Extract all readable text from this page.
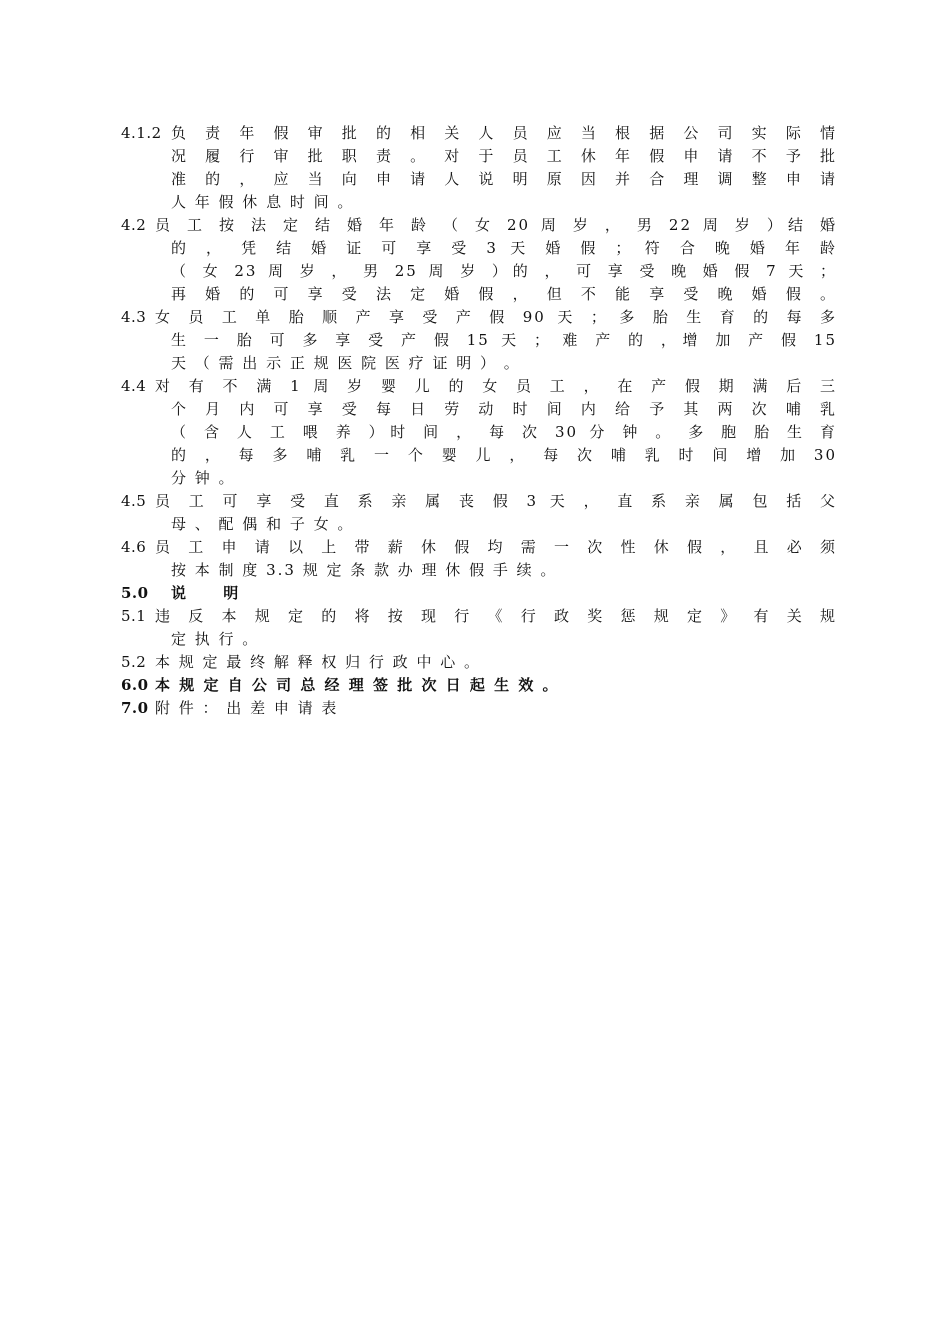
4.1.2 负 责 年 假 审 批 的 相 关 人 员 应 当 根 据 公 司 实 际 情
况 履 行 审 批 职 责 。 对 于 员 工 休 年 假 申 请 不 予 批
准 的 ， 应 当 向 申 请 人 说 明 原 因 并 合 理 调 整 申 请
人 年 假 休 息 时 间 。
4.2 员 工 按 法 定 结 婚 年 龄 （ 女 20 周 岁 ， 男 22 周 岁 ）结 婚
的 ， 凭 结 婚 证 可 享 受 3 天 婚 假 ； 符 合 晚 婚 年 龄
（ 女 23 周 岁 ， 男 25 周 岁 ）的 ， 可 享 受 晚 婚 假 7 天 ；
再 婚 的 可 享 受 法 定 婚 假 ， 但 不 能 享 受 晚 婚 假 。
4.3 女 员 工 单 胎 顺 产 享 受 产 假 90 天 ； 多 胎 生 育 的 每 多
生 一 胎 可 多 享 受 产 假 15 天 ； 难 产 的 ，增 加 产 假 15
天 （ 需 出 示 正 规 医 院 医 疗 证 明 ） 。
4.4 对 有 不 满 1 周 岁 婴 儿 的 女 员 工 ， 在 产 假 期 满 后 三
个 月 内 可 享 受 每 日 劳 动 时 间 内 给 予 其 两 次 哺 乳
（ 含 人 工 喂 养 ）时 间 ， 每 次 30 分 钟 。 多 胞 胎 生 育
的 ， 每 多 哺 乳 一 个 婴 儿 ， 每 次 哺 乳 时 间 增 加 30
分 钟 。
4.5 员 工 可 享 受 直 系 亲 属 丧 假 3 天 ， 直 系 亲 属 包 括 父
母 、 配 偶 和 子 女 。
4.6 员 工 申 请 以 上 带 薪 休 假 均 需 一 次 性 休 假 ， 且 必 须
按 本 制 度 3.3 规 定 条 款 办 理 休 假 手 续 。
5.0	说 明
5.1 违 反 本 规 定 的 将 按 现 行 《 行 政 奖 惩 规 定 》 有 关 规
定 执 行 。
5.2 本 规 定 最 终 解 释 权 归 行 政 中 心 。
6.0 本 规 定 自 公 司 总 经 理 签 批 次 日 起 生 效 。
7.0 附 件 ： 出 差 申 请 表
